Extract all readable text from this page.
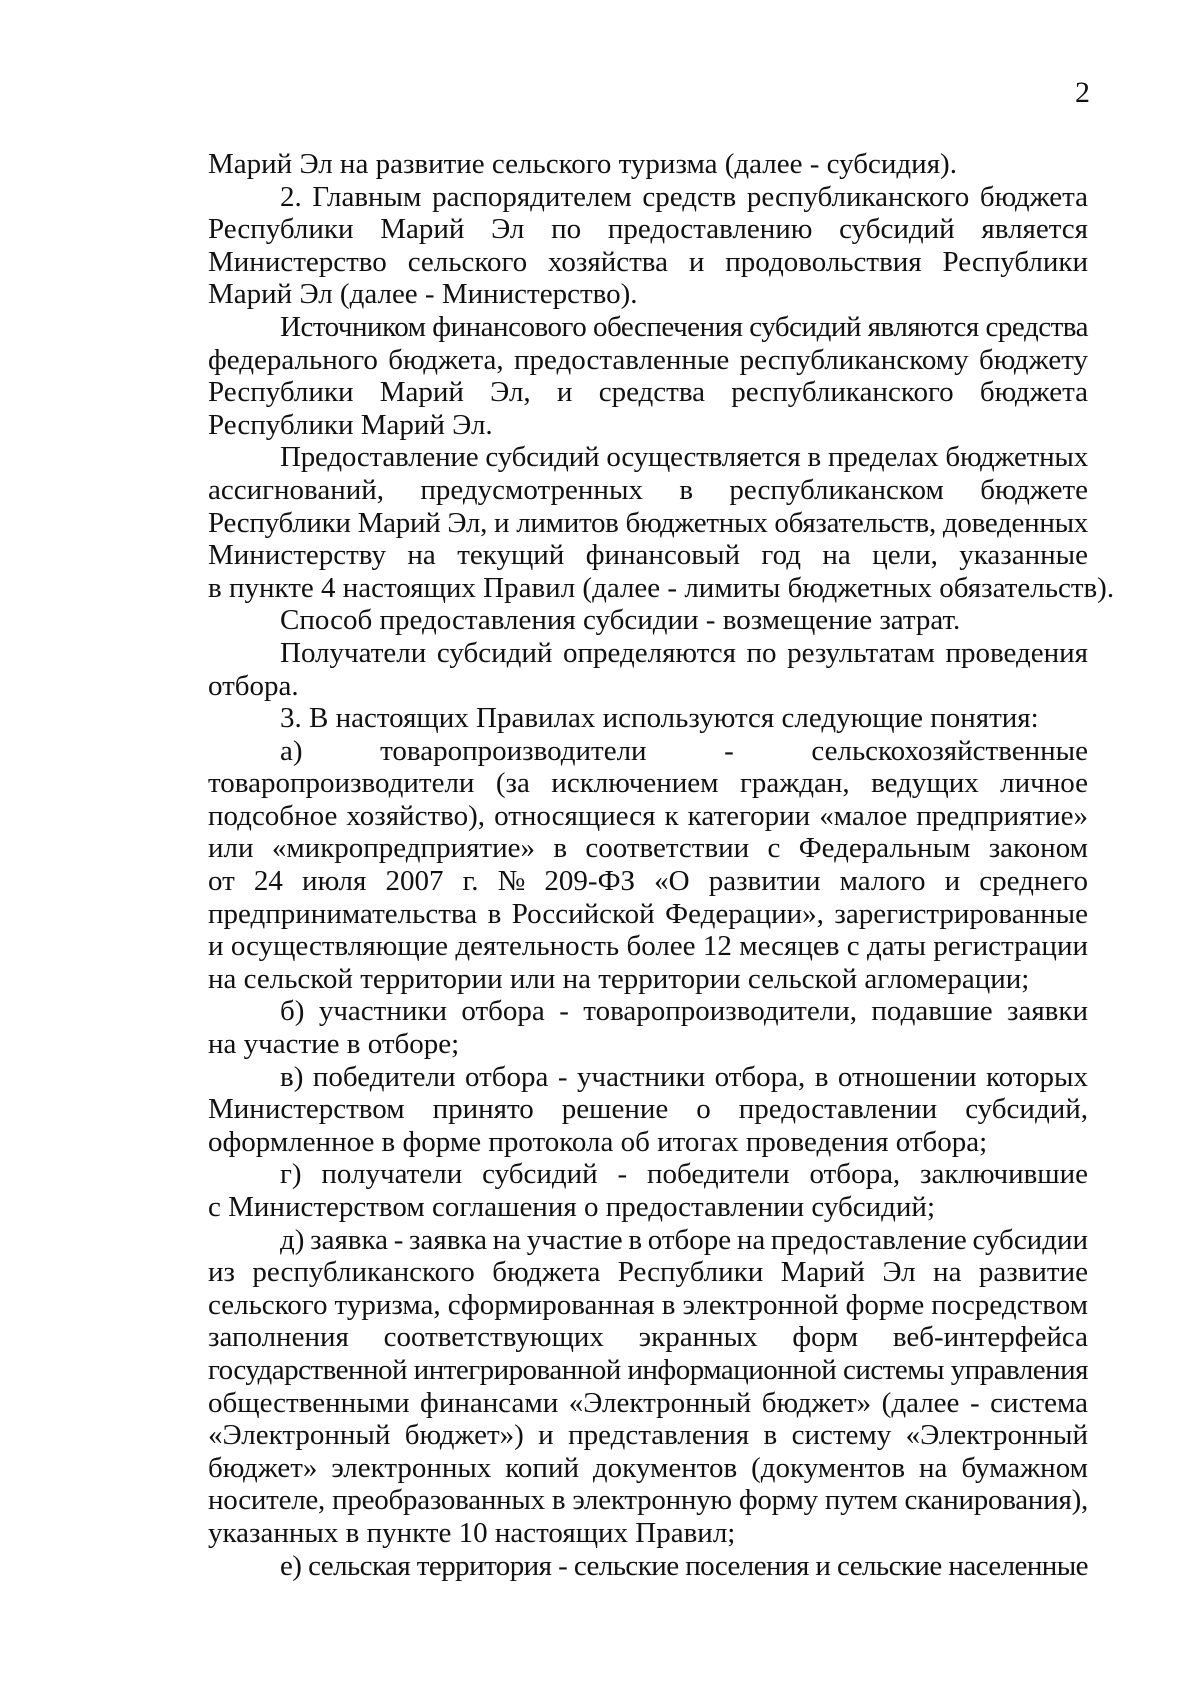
2
Марий Эл на развитие сельского туризма (далее - субсидия).
2. Главным распорядителем средств республиканского бюджета
Республики Марий Эл по предоставлению субсидий является
Министерство сельского хозяйства и продовольствия Республики
Марий Эл (далее - Министерство).
Источником финансового обеспечения субсидий являются средства
федерального бюджета, предоставленные республиканскому бюджету
Республики Марий Эл, и средства республиканского бюджета
Республики Марий Эл.
Предоставление субсидий осуществляется в пределах бюджетных
ассигнований, предусмотренных в республиканском бюджете
Республики Марий Эл, и лимитов бюджетных обязательств, доведенных
Министерству на текущий финансовый год на цели, указанные
в пункте 4 настоящих Правил (далее - лимиты бюджетных обязательств).
Способ предоставления субсидии - возмещение затрат.
Получатели субсидий определяются по результатам проведения
отбора.
3. В настоящих Правилах используются следующие понятия:
а) товаропроизводители - сельскохозяйственные
товаропроизводители (за исключением граждан, ведущих личное
подсобное хозяйство), относящиеся к категории «малое предприятие»
или «микропредприятие» в соответствии с Федеральным законом
от 24 июля 2007 г. № 209-ФЗ «О развитии малого и среднего
предпринимательства в Российской Федерации», зарегистрированные
и осуществляющие деятельность более 12 месяцев с даты регистрации
на сельской территории или на территории сельской агломерации;
б) участники отбора - товаропроизводители, подавшие заявки
на участие в отборе;
в) победители отбора - участники отбора, в отношении которых
Министерством принято решение о предоставлении субсидий,
оформленное в форме протокола об итогах проведения отбора;
г) получатели субсидий - победители отбора, заключившие
с Министерством соглашения о предоставлении субсидий;
д) заявка - заявка на участие в отборе на предоставление субсидии
из республиканского бюджета Республики Марий Эл на развитие
сельского туризма, сформированная в электронной форме посредством
заполнения соответствующих экранных форм веб-интерфейса
государственной интегрированной информационной системы управления
общественными финансами «Электронный бюджет» (далее - система
«Электронный бюджет») и представления в систему «Электронный
бюджет» электронных копий документов (документов на бумажном
носителе, преобразованных в электронную форму путем сканирования),
указанных в пункте 10 настоящих Правил;
е) сельская территория - сельские поселения и сельские населенные
